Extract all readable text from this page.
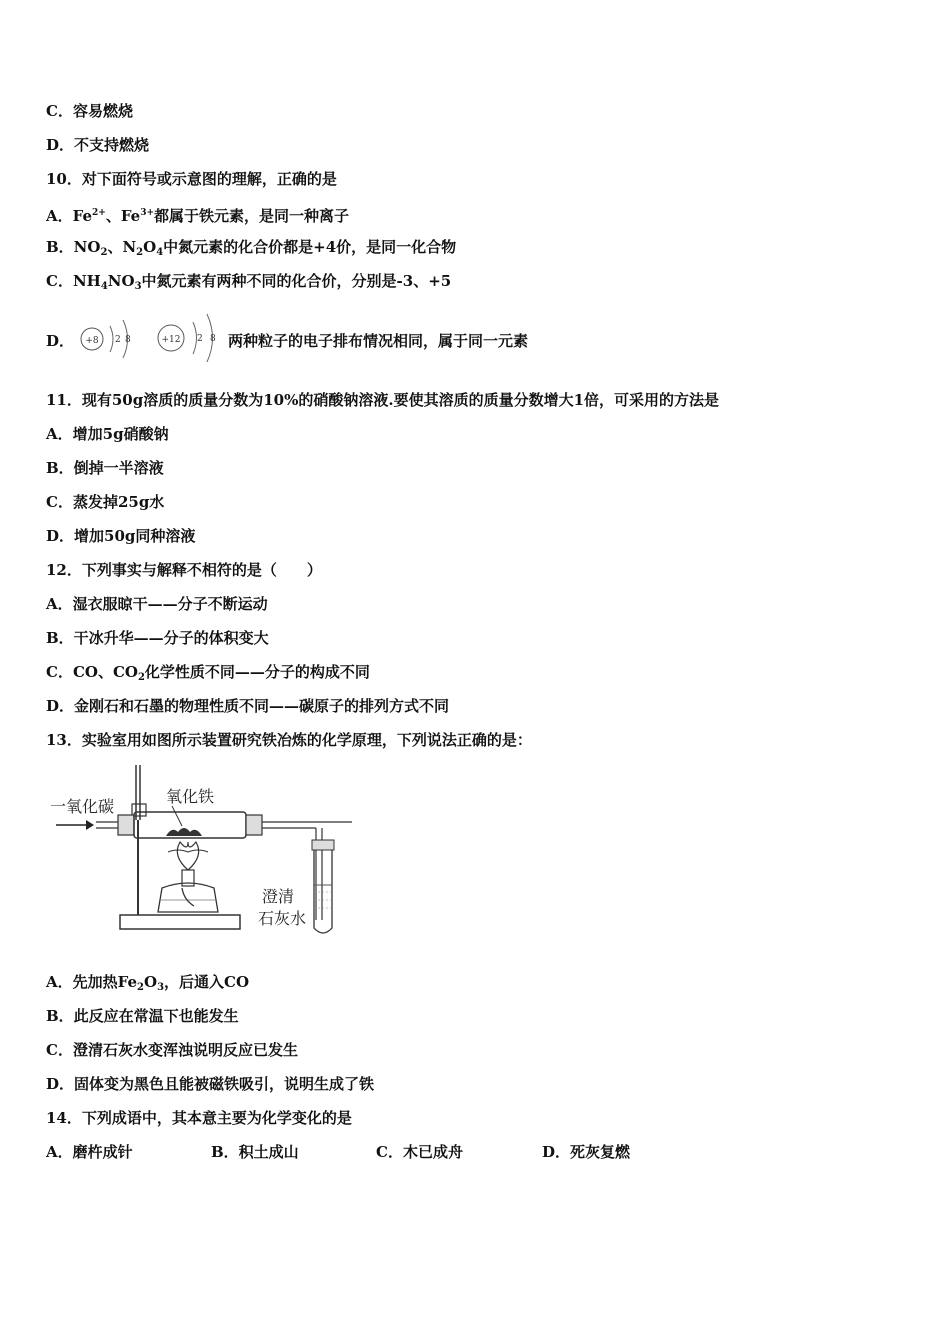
C．容易燃烧
D．不支持燃烧
10．对下面符号或示意图的理解，正确的是
A．$Fe^{2+}$、$Fe^{3+}$都属于铁元素，是同一种离子
B．$NO_2$、$N_2O_4$中氮元素的化合价都是+4价，是同一化合物
C．$NH_4NO_3$中氮元素有两种不同的化合价，分别是-3、+5
D． +8 2 8	+12 2 8 两种粒子的电子排布情况相同，属于同一元素
11．现有50g溶质的质量分数为10%的硝酸钠溶液.要使其溶质的质量分数增大1倍，可采用的方法是
A．增加5g硝酸钠
B．倒掉一半溶液
C．蒸发掉25g水
D．增加50g同种溶液
12．下列事实与解释不相符的是（　　）
A．湿衣服晾干——分子不断运动
B．干冰升华——分子的体积变大
C．CO、$CO_2$化学性质不同——分子的构成不同
D．金刚石和石墨的物理性质不同——碳原子的排列方式不同
13．实验室用如图所示装置研究铁冶炼的化学原理，下列说法正确的是：
一氧化碳
氧化铁
澄清
石灰水
A．先加热$Fe_2O_3$，后通入CO
B．此反应在常温下也能发生
C．澄清石灰水变浑浊说明反应已发生
D．固体变为黑色且能被磁铁吸引，说明生成了铁
14．下列成语中，其本意主要为化学变化的是
A．磨杵成针	B．积土成山	C．木已成舟	D．死灰复燃
